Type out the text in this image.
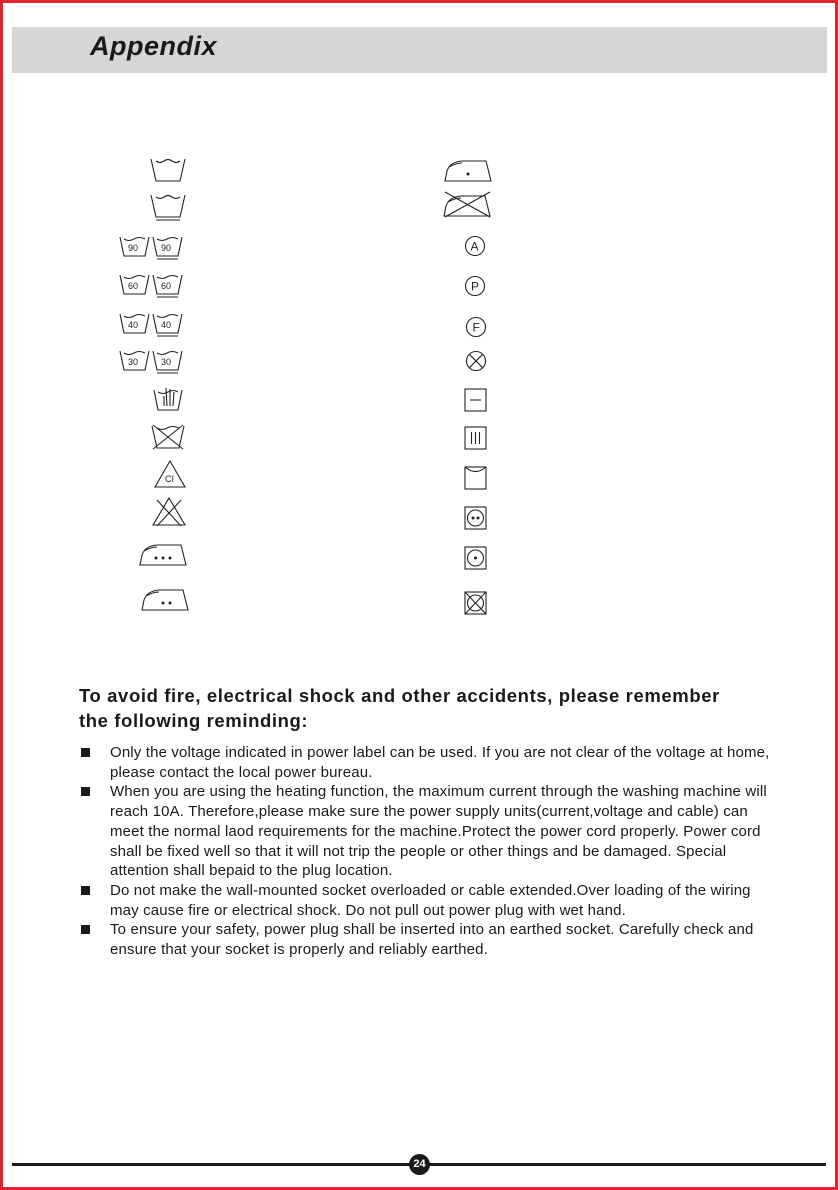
Appendix
90	90
60	60
40	40
30	30
CI
A
P
F
To avoid fire, electrical shock and other accidents, please remember
the following reminding:
Only the voltage indicated in power label can be used. If you are not clear of the voltage at home, please contact the local power bureau.
When you are using the heating function, the maximum current through the washing machine will reach 10A. Therefore,please make sure the power supply units(current,voltage and cable) can meet the normal laod requirements for the machine.Protect the power cord properly. Power cord shall be fixed well so that it will not trip the people or other things and be damaged. Special attention shall bepaid to the plug location.
Do not make the wall-mounted socket overloaded or cable extended.Over loading of the wiring may cause fire or electrical shock. Do not pull out power plug with wet hand.
To ensure your safety, power plug shall be inserted into an earthed socket. Carefully check and ensure that your socket is properly and reliably earthed.
24
